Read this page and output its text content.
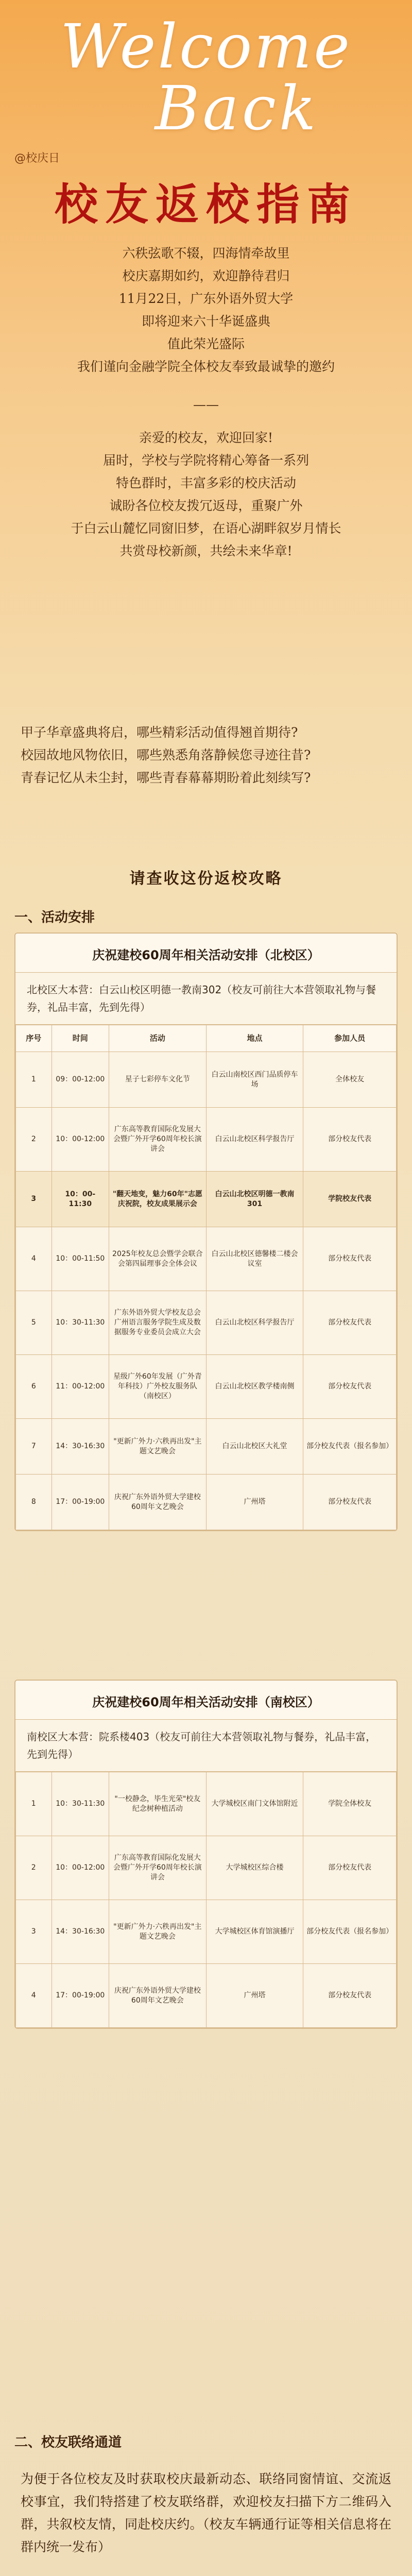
Welcome
Back
@校庆日
校友返校指南

六秩弦歌不辍，四海情牵故里

校庆嘉期如约，欢迎静待君归

11月22日，广东外语外贸大学

即将迎来六十华诞盛典

值此荣光盛际

我们谨向金融学院全体校友奉致最诚挚的邀约

——

亲爱的校友，欢迎回家!

届时，学校与学院将精心筹备一系列

特色群时，丰富多彩的校庆活动

诚盼各位校友拨冗返母，重聚广外

于白云山麓忆同窗旧梦，在语心湖畔叙岁月情长

共赏母校新颜，共绘未来华章!

甲子华章盛典将启，哪些精彩活动值得翘首期待?

校园故地风物依旧，哪些熟悉角落静候您寻迹往昔?

青春记忆从未尘封，哪些青春幕幕期盼着此刻续写?

请查收这份返校攻略
一、活动安排
庆祝建校60周年相关活动安排（北校区）
北校区大本营：白云山校区明德一教南302（校友可前往大本营领取礼物与餐券，礼品丰富，先到先得）
序号	时间	活动	地点	参加人员
1	09：00-12:00	星子七彩停车文化节	白云山南校区西门品质停车场	全体校友
2	10：00-12:00	广东高等教育国际化发展大会暨广外开学60周年校长演讲会	白云山北校区科学报告厅	部分校友代表
3	10：00-11:30	"翻天地变，魅力60年"志愿庆祝院，校友成果展示会	白云山北校区明德一教南301	学院校友代表
4	10：00-11:50	2025年校友总会暨学会联合会第四届理事会全体会议	白云山北校区德馨楼二楼会议室	部分校友代表
5	10：30-11:30	广东外语外贸大学校友总会广州语言服务学院生成及数据服务专业委员会成立大会	白云山北校区科学报告厅	部分校友代表
6	11：00-12:00	星级广外60年发展（广外青年科技）广外校友服务队（南校区）	白云山北校区教学楼南侧	部分校友代表
7	14：30-16:30	"更新广外力·六秩再出发"主题文艺晚会	白云山北校区大礼堂	部分校友代表（报名参加）
8	17：00-19:00	庆祝广东外语外贸大学建校60周年文艺晚会	广州塔	部分校友代表
庆祝建校60周年相关活动安排（南校区）
南校区大本营：院系楼403（校友可前往大本营领取礼物与餐券，礼品丰富，先到先得）
1	10：30-11:30	"一校静念，毕生光荣"校友纪念树种植活动	大学城校区南门文体馆附近	学院全体校友
2	10：00-12:00	广东高等教育国际化发展大会暨广外开学60周年校长演讲会	大学城校区综合楼	部分校友代表
3	14：30-16:30	"更新广外力·六秩再出发"主题文艺晚会	大学城校区体育馆演播厅	部分校友代表（报名参加）
4	17：00-19:00	庆祝广东外语外贸大学建校60周年文艺晚会	广州塔	部分校友代表
二、校友联络通道
为便于各位校友及时获取校庆最新动态、联络同窗情谊、交流返校事宜，我们特搭建了校友联络群，欢迎校友扫描下方二维码入群，共叙校友情，同赴校庆约。（校友车辆通行证等相关信息将在群内统一发布）
